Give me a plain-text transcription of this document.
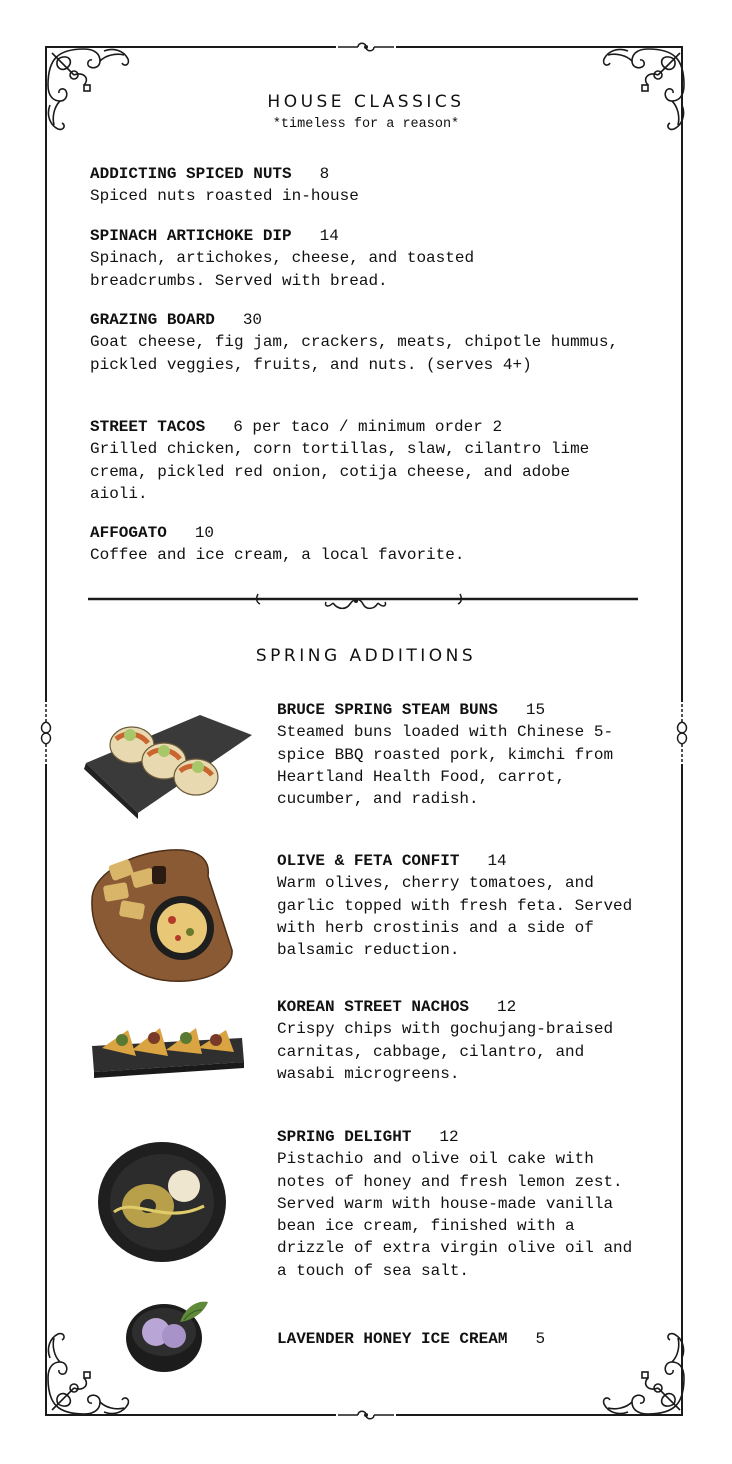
HOUSE CLASSICS
*timeless for a reason*
ADDICTING SPICED NUTS 8
Spiced nuts roasted in-house
SPINACH ARTICHOKE DIP 14
Spinach, artichokes, cheese, and toasted breadcrumbs. Served with bread.
GRAZING BOARD 30
Goat cheese, fig jam, crackers, meats, chipotle hummus, pickled veggies, fruits, and nuts. (serves 4+)
STREET TACOS 6 per taco / minimum order 2
Grilled chicken, corn tortillas, slaw, cilantro lime crema, pickled red onion, cotija cheese, and adobe aioli.
AFFOGATO 10
Coffee and ice cream, a local favorite.
SPRING ADDITIONS
BRUCE SPRING STEAM BUNS 15
Steamed buns loaded with Chinese 5-spice BBQ roasted pork, kimchi from Heartland Health Food, carrot, cucumber, and radish.
OLIVE & FETA CONFIT 14
Warm olives, cherry tomatoes, and garlic topped with fresh feta. Served with herb crostinis and a side of balsamic reduction.
KOREAN STREET NACHOS 12
Crispy chips with gochujang-braised carnitas, cabbage, cilantro, and wasabi microgreens.
SPRING DELIGHT 12
Pistachio and olive oil cake with notes of honey and fresh lemon zest. Served warm with house-made vanilla bean ice cream, finished with a drizzle of extra virgin olive oil and a touch of sea salt.
LAVENDER HONEY ICE CREAM 5
